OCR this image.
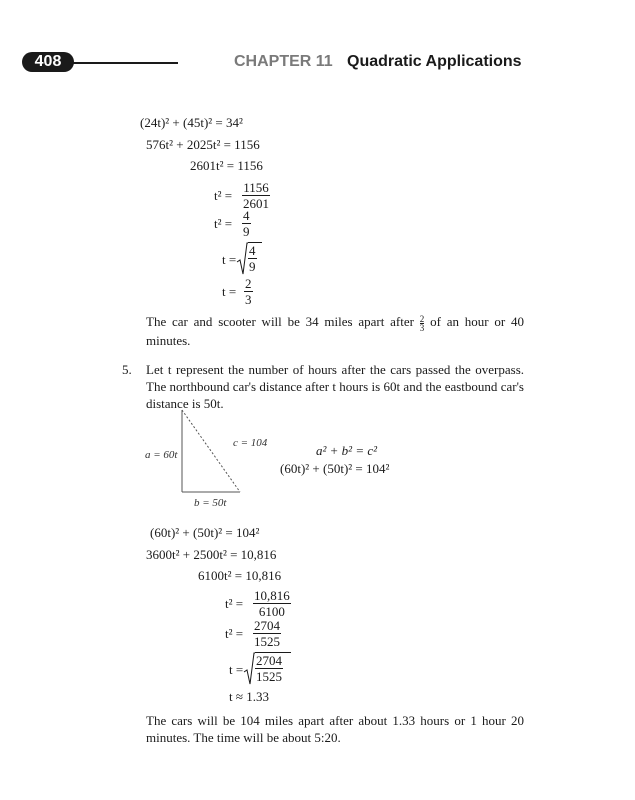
408	CHAPTER 11 Quadratic Applications
(24t)² + (45t)² = 34²
576t² + 2025t² = 1156
2601t² = 1156
$t^2 = \frac{1156}{2601}$
$t^2 = \frac{4}{9}$
$t = \frac{4}{9}$
$t = \frac{2}{3}$
The car and scooter will be 34 miles apart after $\frac{2}{3}$ of an hour or 40 minutes.
5.	Let t represent the number of hours after the cars passed the overpass. The northbound car's distance after t hours is 60t and the eastbound car's distance is 50t.
a = 60t
c = 104
b = 50t
a² + b² = c²
(60t)² + (50t)² = 104²
(60t)² + (50t)² = 104²
3600t² + 2500t² = 10,816
6100t² = 10,816
$t^2 = \frac{10,816}{6100}$
$t^2 = \frac{2704}{1525}$
$t = \frac{2704}{1525}$
t ≈ 1.33
The cars will be 104 miles apart after about 1.33 hours or 1 hour 20 minutes. The time will be about 5:20.
